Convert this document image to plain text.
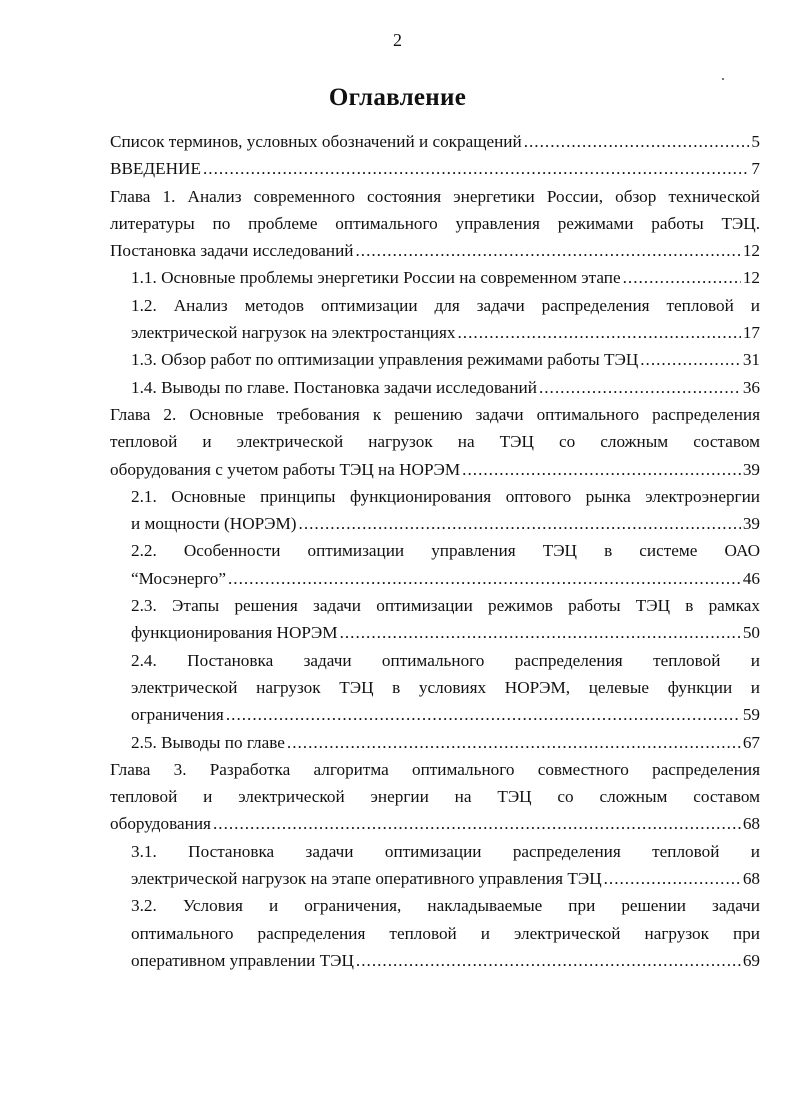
2
Оглавление
Список терминов, условных обозначений и сокращений .....	5
ВВЕДЕНИЕ .....	7
Глава 1. Анализ современного состояния энергетики России, обзор технической
литературы по проблеме оптимального управления режимами работы ТЭЦ.
Постановка задачи исследований .....	12
1.1. Основные проблемы энергетики России на современном этапе .....	12
1.2. Анализ методов оптимизации для задачи распределения тепловой и
электрической нагрузок на электростанциях .....	17
1.3. Обзор работ по оптимизации управления режимами работы ТЭЦ .....	31
1.4. Выводы по главе. Постановка задачи исследований .....	36
Глава 2. Основные требования к решению задачи оптимального распределения
тепловой и электрической нагрузок на ТЭЦ со сложным составом
оборудования с учетом работы ТЭЦ на НОРЭМ .....	39
2.1. Основные принципы функционирования оптового рынка электроэнергии
и мощности (НОРЭМ) .....	39
2.2. Особенности оптимизации управления ТЭЦ в системе ОАО
“Мосэнерго” .....	46
2.3. Этапы решения задачи оптимизации режимов работы ТЭЦ в рамках
функционирования НОРЭМ .....	50
2.4. Постановка задачи оптимального распределения тепловой и
электрической нагрузок ТЭЦ в условиях НОРЭМ, целевые функции и
ограничения .....	59
2.5. Выводы по главе .....	67
Глава 3. Разработка алгоритма оптимального совместного распределения
тепловой и электрической энергии на ТЭЦ со сложным составом
оборудования .....	68
3.1. Постановка задачи оптимизации распределения тепловой и
электрической нагрузок на этапе оперативного управления ТЭЦ .....	68
3.2. Условия и ограничения, накладываемые при решении задачи
оптимального распределения тепловой и электрической нагрузок при
оперативном управлении ТЭЦ .....	69
